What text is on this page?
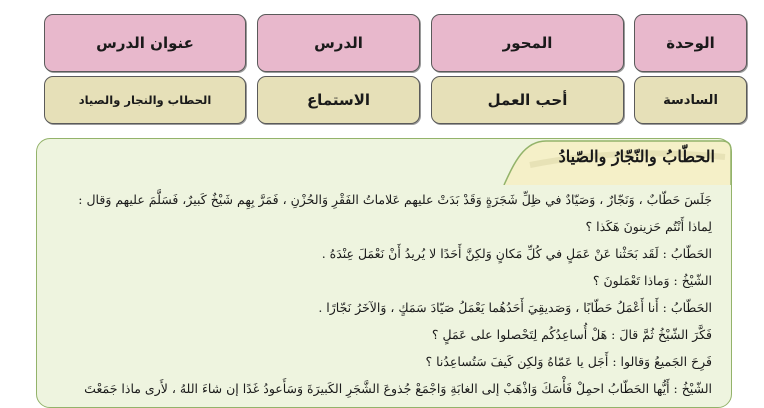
الوحدة
المحور
الدرس
عنوان الدرس
السادسة
أحب العمل
الاستماع
الحطاب والنجار والصياد
الحطّابُ والنّجّارُ والصّيادُ
جَلَسَ حَطّابٌ ، وَنَجّارٌ ، وَصَيّادٌ في ظِلِّ شَجَرَةٍ وَقَدْ بَدَتْ عليهم عَلاماتُ الفَقْرِ وَالحُزْنِ ، فَمَرَّ بِهِم شَيْخٌ كَبيرٌ، فَسَلَّمَ عليهم وَقال :
لِماذا أَنْتُم حَزينونَ هَكَذا ؟
الحَطّابُ : لَقَد بَحَثْنا عَنْ عَمَلٍ في كُلِّ مَكانٍ وَلكِنَّ أَحَدًا لا يُريدُ أَنْ نَعْمَلَ عِنْدَهُ .
الشّيْخُ : وَماذا تَعْمَلونَ ؟
الحَطّابُ : أَنا أَعْمَلُ حَطّابًا ، وَصَديقِيَ أَحَدُهُما يَعْمَلُ صَيّادَ سَمَكٍ ، وَالآخَرُ نَجّارًا .
فَكَّرَ الشّيْخُ ثُمَّ قالَ : هَلْ أُساعِدُكُم لِتَحْصلوا على عَمَلٍ ؟
فَرِحَ الجَميعُ وَقالوا : أَجَل يا عَمّاهُ وَلكِن كَيفَ سَتُساعِدُنا ؟
الشّيْخُ : أَيُّها الحَطّابُ احمِلْ فَأْسَكَ وَاذْهَبْ إلى الغابَةِ وَاجْمَعْ جُذوعَ الشَّجَرِ الكَبيرَةَ وَسَأَعودُ غَدًا إن شاءَ اللهُ ، لأَرى ماذا جَمَعْتَ
